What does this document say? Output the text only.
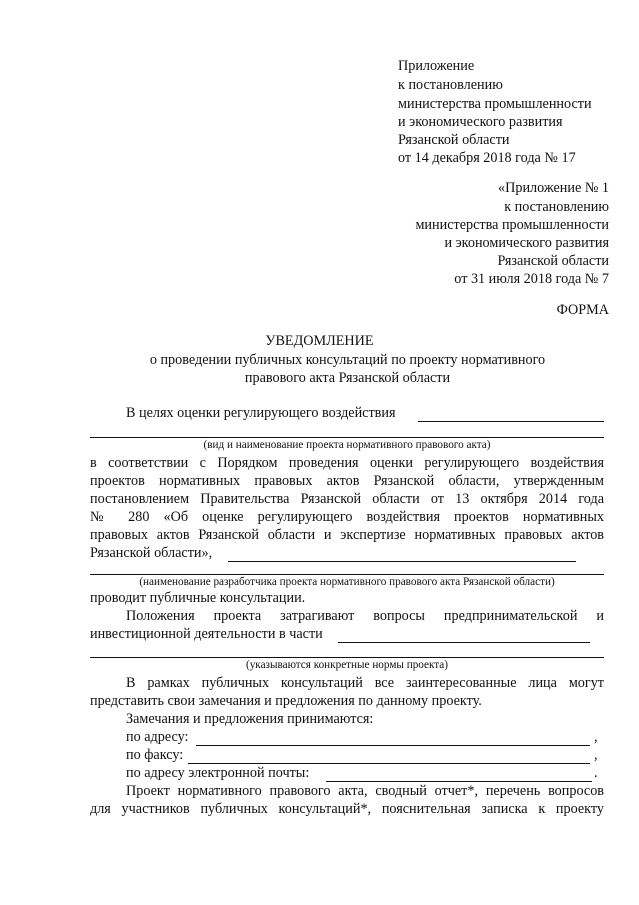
Приложение
к постановлению
министерства промышленности
и экономического развития
Рязанской области
от 14 декабря 2018 года № 17
«Приложение № 1
к постановлению
министерства промышленности
и экономического развития
Рязанской области
от 31 июля 2018 года № 7
ФОРМА
УВЕДОМЛЕНИЕ
о проведении публичных консультаций по проекту нормативного
правового акта Рязанской области
В целях оценки регулирующего воздействия
(вид и наименование проекта нормативного правового акта)
в соответствии с Порядком проведения оценки регулирующего воздействия
проектов нормативных правовых актов Рязанской области, утвержденным
постановлением Правительства Рязанской области от 13 октября 2014 года
№ 280 «Об оценке регулирующего воздействия проектов нормативных
правовых актов Рязанской области и экспертизе нормативных правовых актов
Рязанской области»,
(наименование разработчика проекта нормативного правового акта Рязанской области)
проводит публичные консультации.
Положения проекта затрагивают вопросы предпринимательской и
инвестиционной деятельности в части
(указываются конкретные нормы проекта)
В рамках публичных консультаций все заинтересованные лица могут
представить свои замечания и предложения по данному проекту.
Замечания и предложения принимаются:
по адресу:	,
по факсу:	,
по адресу электронной почты:	.
Проект нормативного правового акта, сводный отчет*, перечень вопросов
для участников публичных консультаций*, пояснительная записка к проекту
